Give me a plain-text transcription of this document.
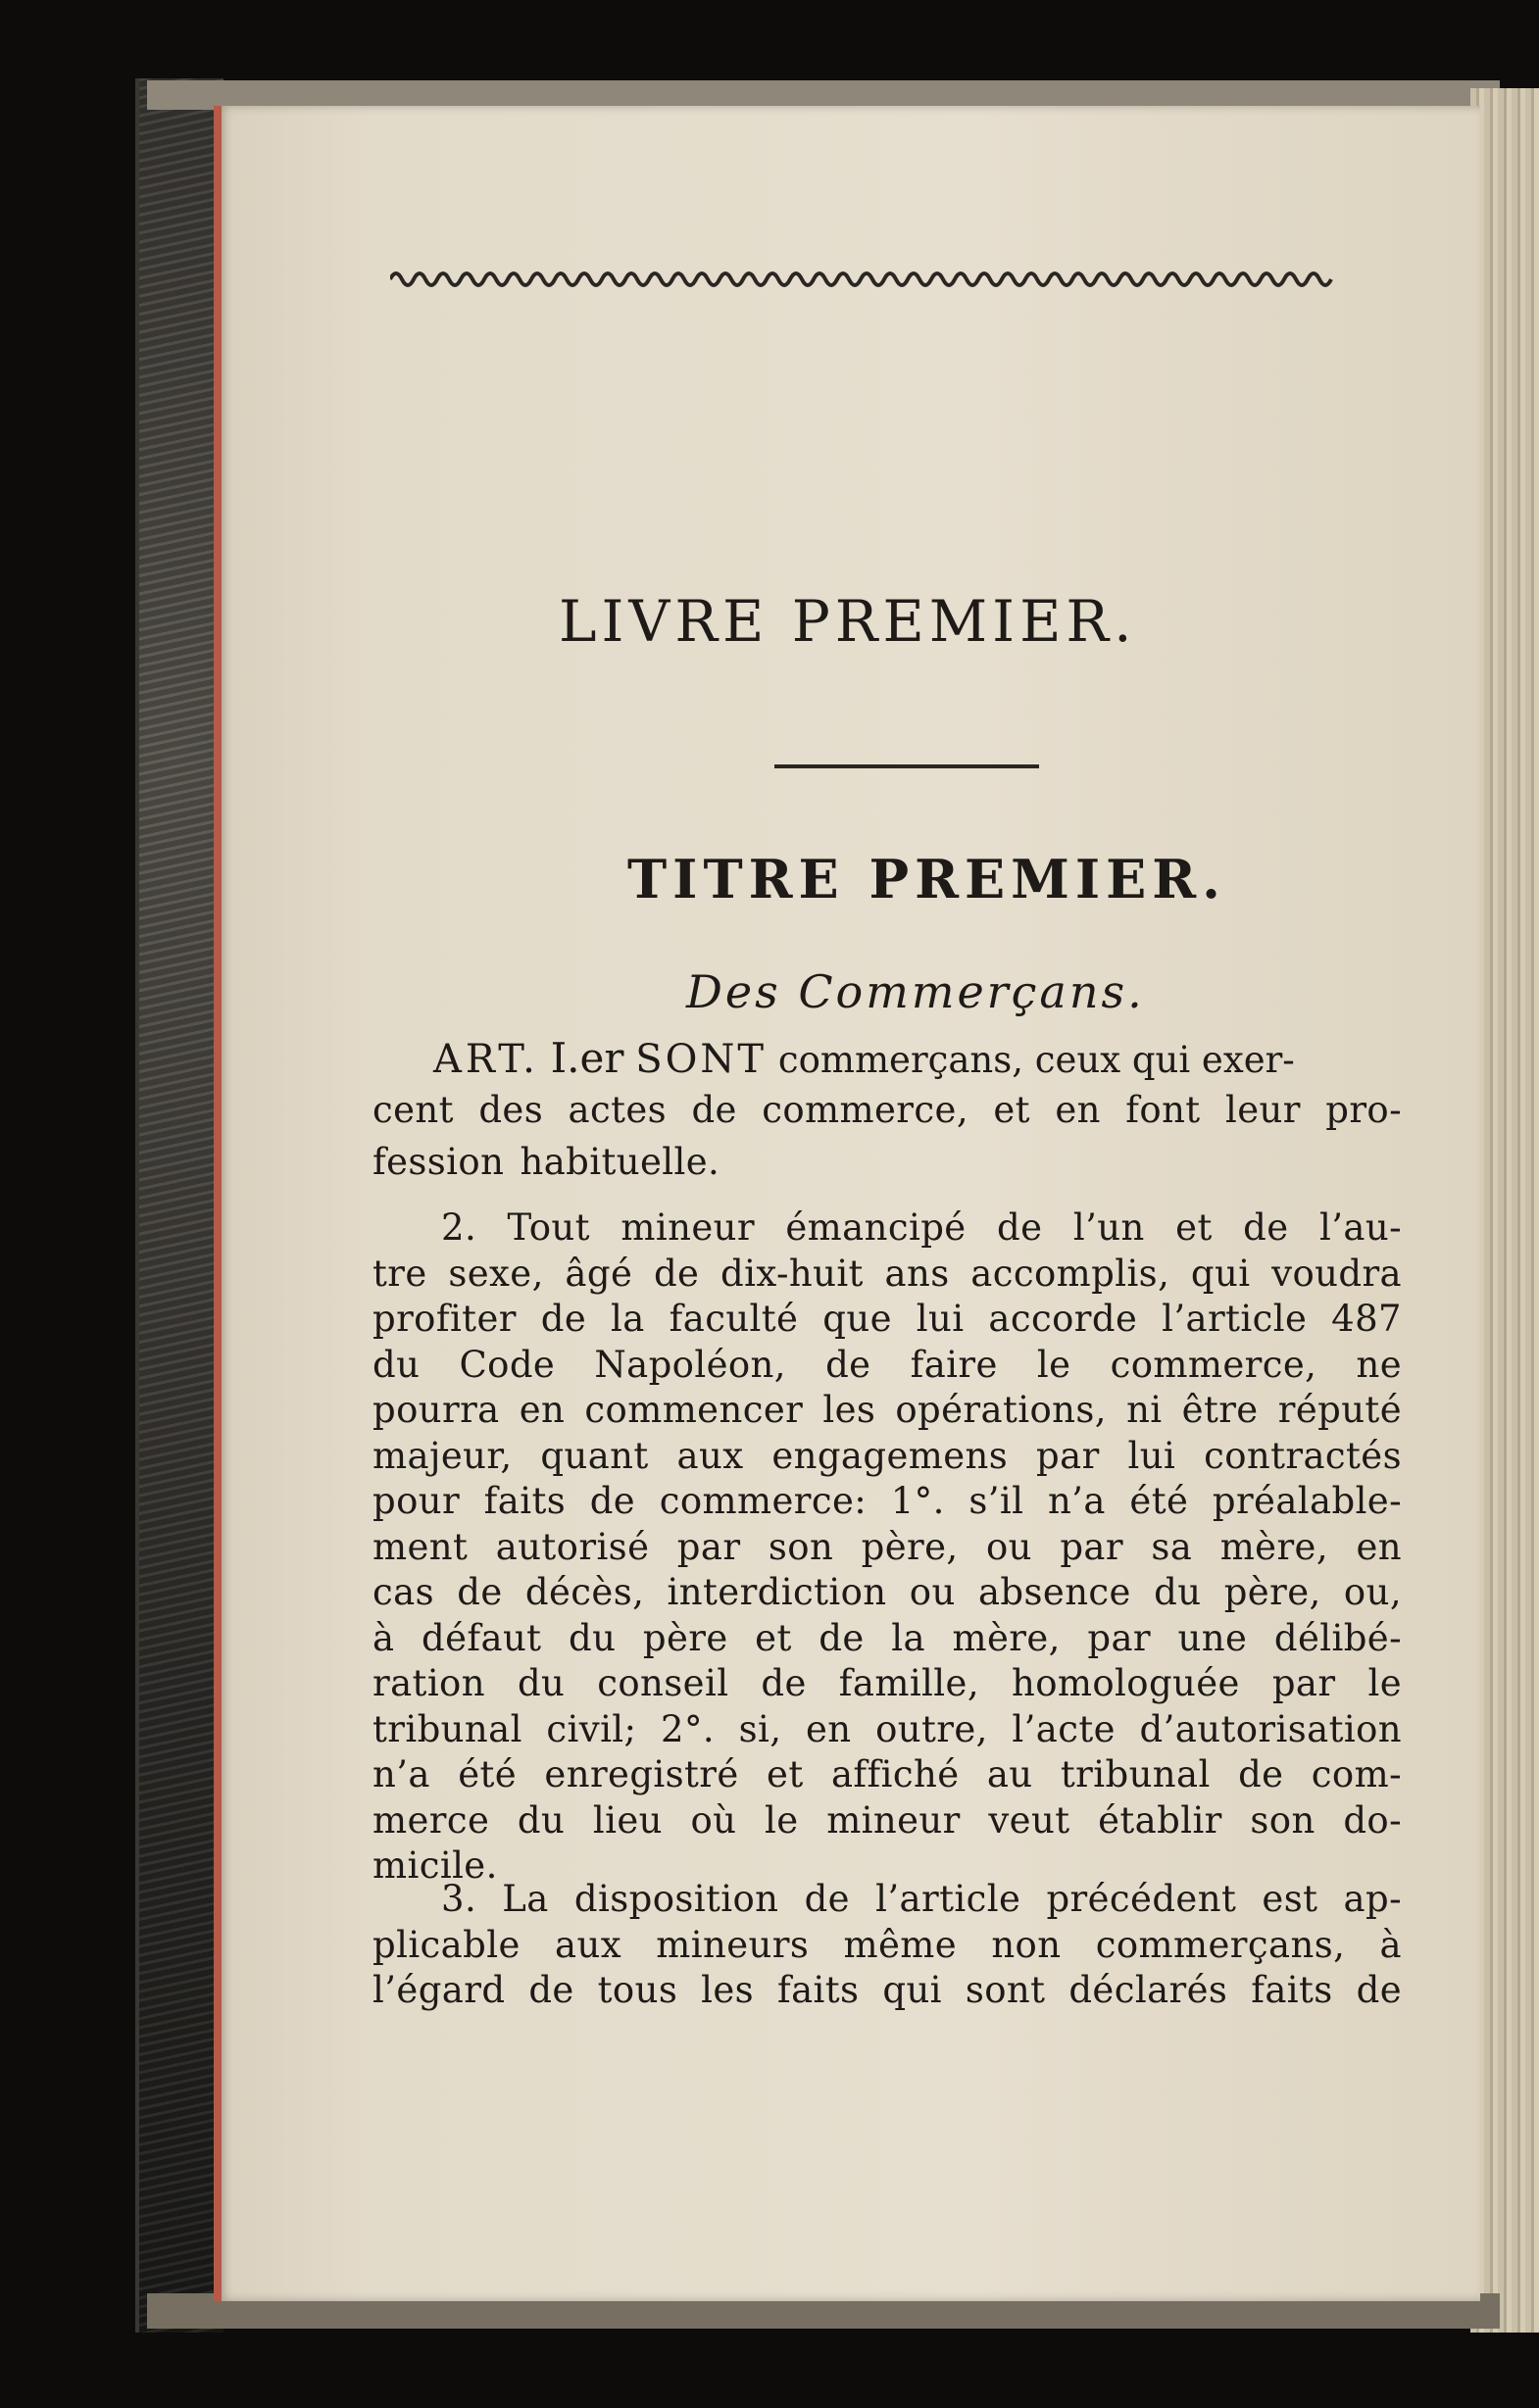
LIVRE PREMIER.
TITRE PREMIER.
Des Commerçans.
ART. I.er SONT commerçans, ceux qui exer-
cent des actes de commerce, et en font leur pro-
fession habituelle.
2. Tout mineur émancipé de l’un et de l’au-
tre sexe, âgé de dix-huit ans accomplis, qui voudra
profiter de la faculté que lui accorde l’article 487
du Code Napoléon, de faire le commerce, ne
pourra en commencer les opérations, ni être réputé
majeur, quant aux engagemens par lui contractés
pour faits de commerce: 1°. s’il n’a été préalable-
ment autorisé par son père, ou par sa mère, en
cas de décès, interdiction ou absence du père, ou,
à défaut du père et de la mère, par une délibé-
ration du conseil de famille, homologuée par le
tribunal civil; 2°. si, en outre, l’acte d’autorisation
n’a été enregistré et affiché au tribunal de com-
merce du lieu où le mineur veut établir son do-
micile.
3. La disposition de l’article précédent est ap-
plicable aux mineurs même non commerçans, à
l’égard de tous les faits qui sont déclarés faits de
